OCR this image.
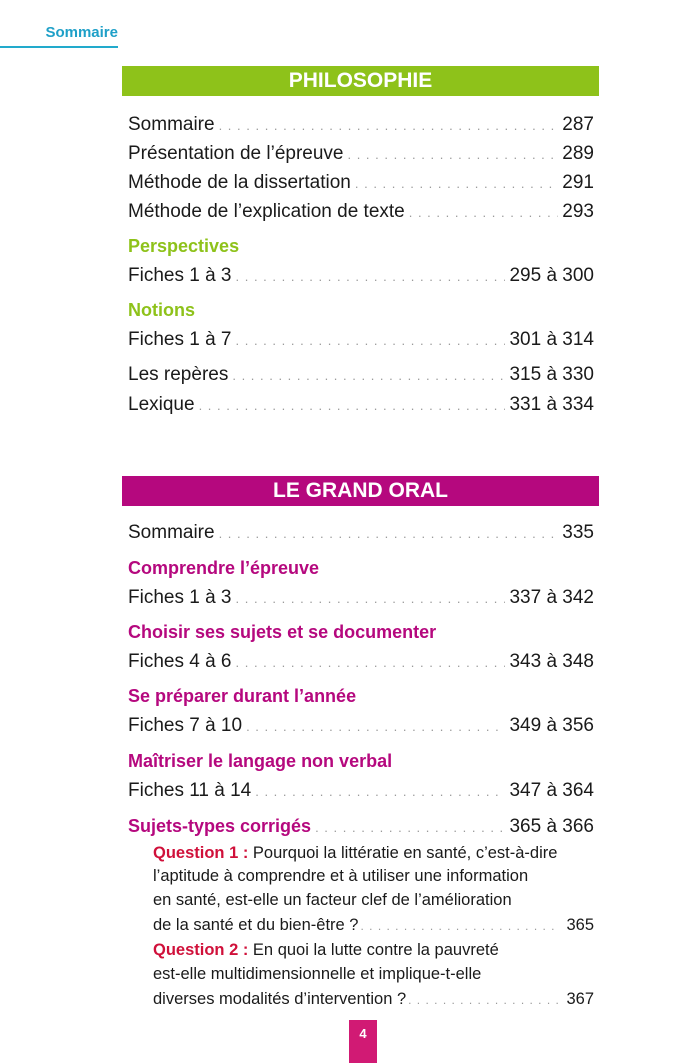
Sommaire
PHILOSOPHIE
Sommaire . . .	287
Présentation de l’épreuve . . .	289
Méthode de la dissertation . . .	291
Méthode de l’explication de texte . . .	293
Perspectives
Fiches 1 à 3 . . .	295 à 300
Notions
Fiches 1 à 7 . . .	301 à 314
Les repères . . .	315 à 330
Lexique . . .	331 à 334
LE GRAND ORAL
Sommaire . . .	335
Comprendre l’épreuve
Fiches 1 à 3 . . .	337 à 342
Choisir ses sujets et se documenter
Fiches 4 à 6 . . .	343 à 348
Se préparer durant l’année
Fiches 7 à 10 . . .	349 à 356
Maîtriser le langage non verbal
Fiches 11 à 14 . . .	347 à 364
Sujets-types corrigés . . .	365 à 366
Question 1 : Pourquoi la littératie en santé, c’est-à-dire
l’aptitude à comprendre et à utiliser une information
en santé, est-elle un facteur clef de l’amélioration
de la santé et du bien-être ? . . .	365
Question 2 : En quoi la lutte contre la pauvreté
est-elle multidimensionnelle et implique-t-elle
diverses modalités d’intervention ? . . .	367
4
